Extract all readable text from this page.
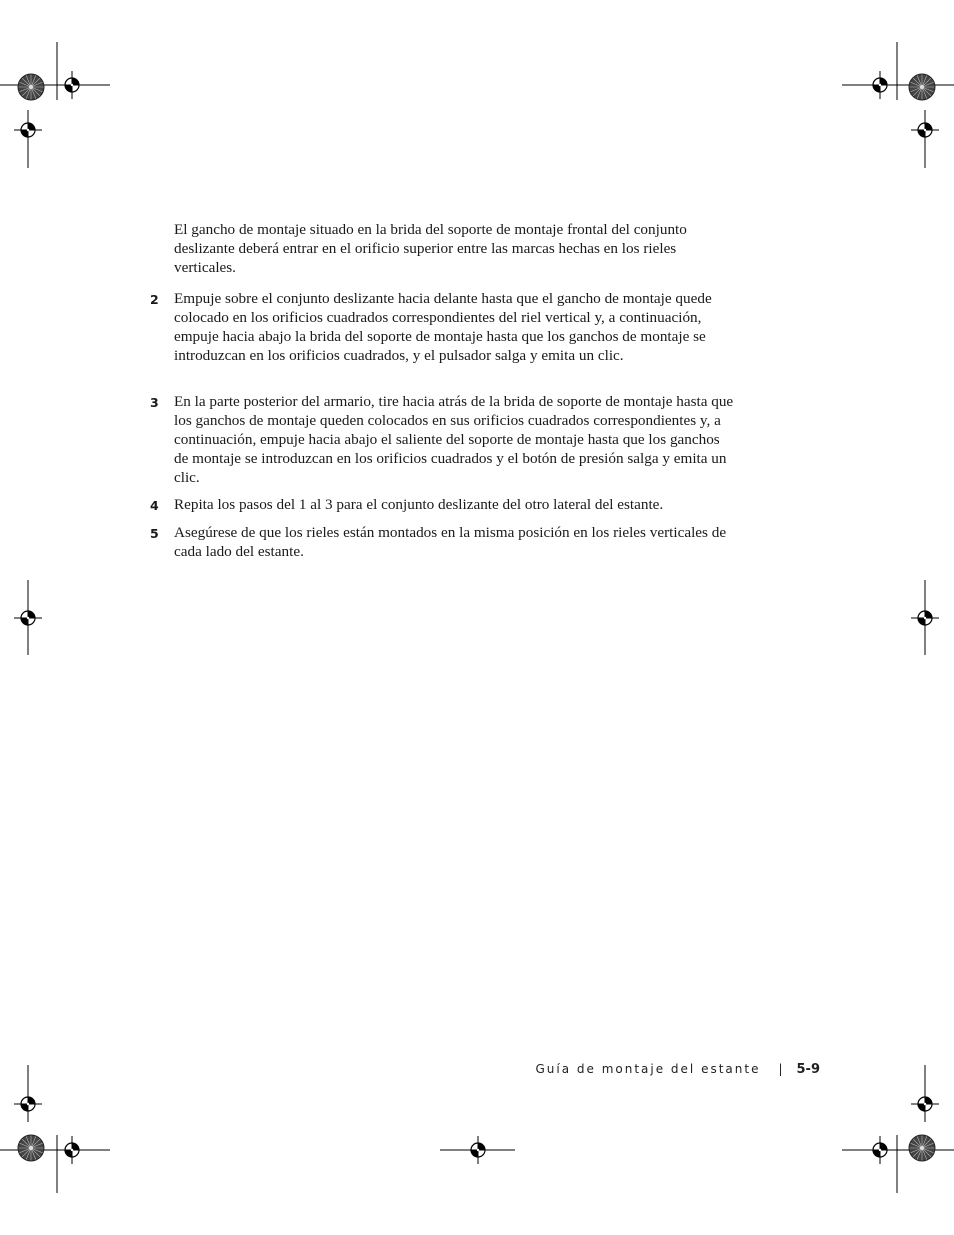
El gancho de montaje situado en la brida del soporte de montaje frontal del conjunto deslizante deberá entrar en el orificio superior entre las marcas hechas en los rieles verticales.

2 Empuje sobre el conjunto deslizante hacia delante hasta que el gancho de montaje quede colocado en los orificios cuadrados correspondientes del riel vertical y, a continuación, empuje hacia abajo la brida del soporte de montaje hasta que los ganchos de montaje se introduzcan en los orificios cuadrados, y el pulsador salga y emita un clic.

3 En la parte posterior del armario, tire hacia atrás de la brida de soporte de montaje hasta que los ganchos de montaje queden colocados en sus orificios cuadrados correspondientes y, a continuación, empuje hacia abajo el saliente del soporte de montaje hasta que los ganchos de montaje se introduzcan en los orificios cuadrados y el botón de presión salga y emita un clic.

4 Repita los pasos del 1 al 3 para el conjunto deslizante del otro lateral del estante.

5 Asegúrese de que los rieles están montados en la misma posición en los rieles verticales de cada lado del estante.

Guía de montaje del estante | 5-9
